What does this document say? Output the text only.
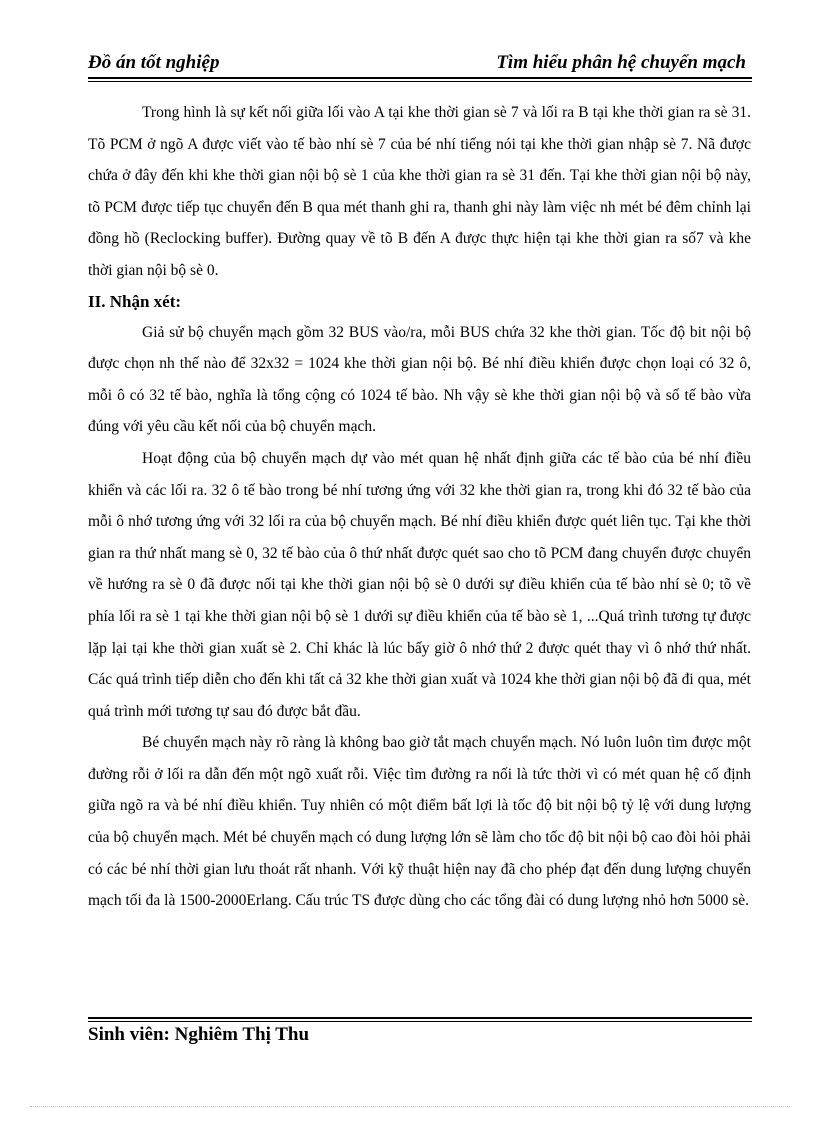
Đồ án tốt nghiệp	Tìm hiểu phân hệ chuyển mạch

Trong hình là sự kết nối giữa lối vào A tại khe thời gian sè 7 và lối ra B tại khe thời gian ra sè 31. Tõ PCM ở ngõ A được viết vào tế bào nhí sè 7 của bé nhí tiếng nói tại khe thời gian nhập sè 7. Nã được chứa ở đây đến khi khe thời gian nội bộ sè 1 của khe thời gian ra sè 31 đến. Tại khe thời gian nội bộ này, tõ PCM được tiếp tục chuyển đến B qua mét thanh ghi ra, thanh ghi này làm việc nh mét bé đêm chỉnh lại đồng hồ (Reclocking buffer). Đường quay về tõ B đến A được thực hiện tại khe thời gian ra số7 và khe thời gian nội bộ sè 0.

II. Nhận xét:

Giả sử bộ chuyển mạch gồm 32 BUS vào/ra, mỗi BUS chứa 32 khe thời gian. Tốc độ bit nội bộ được chọn nh thế nào để 32x32 = 1024 khe thời gian nội bộ. Bé nhí điều khiển được chọn loại có 32 ô, mỗi ô có 32 tế bào, nghĩa là tổng cộng có 1024 tế bào. Nh vậy sè khe thời gian nội bộ và số tế bào vừa đúng với yêu cầu kết nối của bộ chuyển mạch.

Hoạt động của bộ chuyển mạch dự vào mét quan hệ nhất định giữa các tế bào của bé nhí điều khiển và các lối ra. 32 ô tế bào trong bé nhí tương ứng với 32 khe thời gian ra, trong khi đó 32 tế bào của mỗi ô nhớ tương ứng với 32 lối ra của bộ chuyển mạch. Bé nhí điều khiển được quét liên tục. Tại khe thời gian ra thứ nhất mang sè 0, 32 tế bào của ô thứ nhất được quét sao cho tõ PCM đang chuyển được chuyển về hướng ra sè 0 đã được nối tại khe thời gian nội bộ sè 0 dưới sự điều khiển của tế bào nhí sè 0; tõ về phía lối ra sè 1 tại khe thời gian nội bộ sè 1 dưới sự điều khiển của tế bào sè 1, ...Quá trình tương tự được lặp lại tại khe thời gian xuất sè 2. Chỉ khác là lúc bấy giờ ô nhớ thứ 2 được quét thay vì ô nhớ thứ nhất. Các quá trình tiếp diễn cho đến khi tất cả 32 khe thời gian xuất và 1024 khe thời gian nội bộ đã đi qua, mét quá trình mới tương tự sau đó được bắt đầu.

Bé chuyển mạch này rõ ràng là không bao giờ tắt mạch chuyển mạch. Nó luôn luôn tìm được một đường rỗi ở lối ra dẫn đến một ngõ xuất rỗi. Việc tìm đường ra nối là tức thời vì có mét quan hệ cố định giữa ngõ ra và bé nhí điều khiển. Tuy nhiên có một điểm bất lợi là tốc độ bit nội bộ tỷ lệ với dung lượng của bộ chuyển mạch. Mét bé chuyển mạch có dung lượng lớn sẽ làm cho tốc độ bit nội bộ cao đòi hỏi phải có các bé nhí thời gian lưu thoát rất nhanh. Với kỹ thuật hiện nay đã cho phép đạt đến dung lượng chuyển mạch tối đa là 1500-2000Erlang. Cấu trúc TS được dùng cho các tổng đài có dung lượng nhỏ hơn 5000 sè.

Sinh viên: Nghiêm Thị Thu
